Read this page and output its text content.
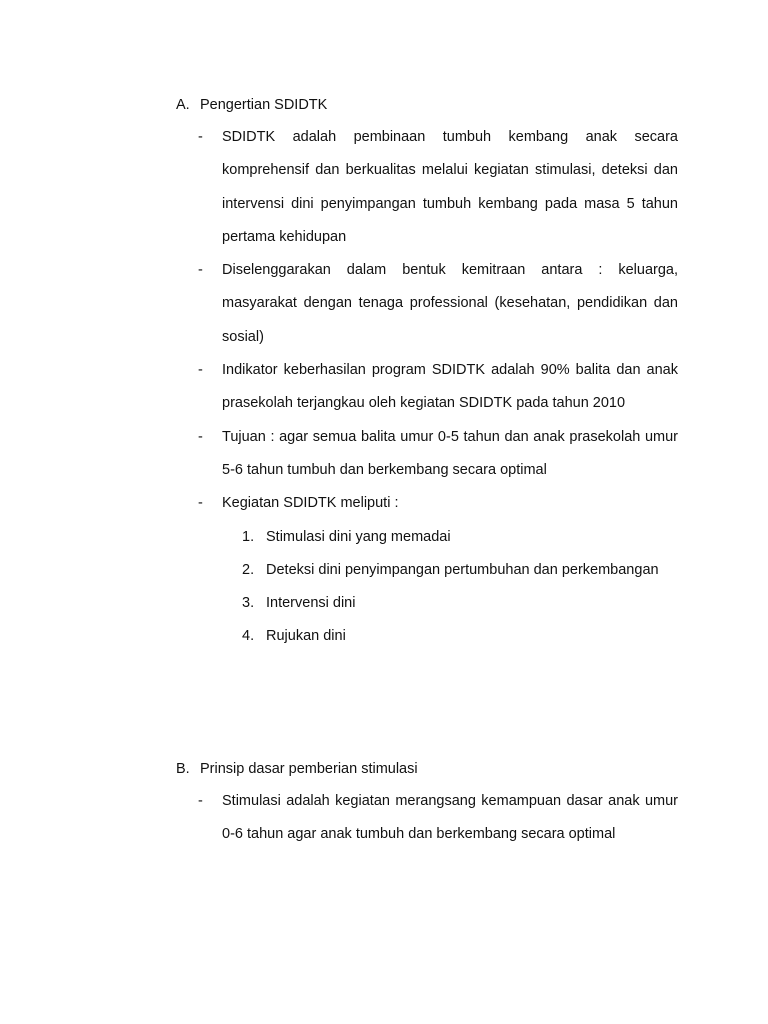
A. Pengertian SDIDTK
-	SDIDTK adalah pembinaan tumbuh kembang anak secara komprehensif dan berkualitas melalui kegiatan stimulasi, deteksi dan intervensi dini penyimpangan tumbuh kembang pada masa 5 tahun pertama kehidupan
-	Diselenggarakan dalam bentuk kemitraan antara : keluarga, masyarakat dengan tenaga professional (kesehatan, pendidikan dan sosial)
-	Indikator keberhasilan program SDIDTK adalah 90% balita dan anak prasekolah terjangkau oleh kegiatan SDIDTK pada tahun 2010
-	Tujuan : agar semua balita umur 0-5 tahun dan anak prasekolah umur 5-6 tahun tumbuh dan berkembang secara optimal
-	Kegiatan SDIDTK meliputi :
1. Stimulasi dini yang memadai
2. Deteksi dini penyimpangan pertumbuhan dan perkembangan
3. Intervensi dini
4. Rujukan dini
B. Prinsip dasar pemberian stimulasi
-	Stimulasi adalah kegiatan merangsang kemampuan dasar anak umur 0-6 tahun agar anak tumbuh dan berkembang secara optimal
